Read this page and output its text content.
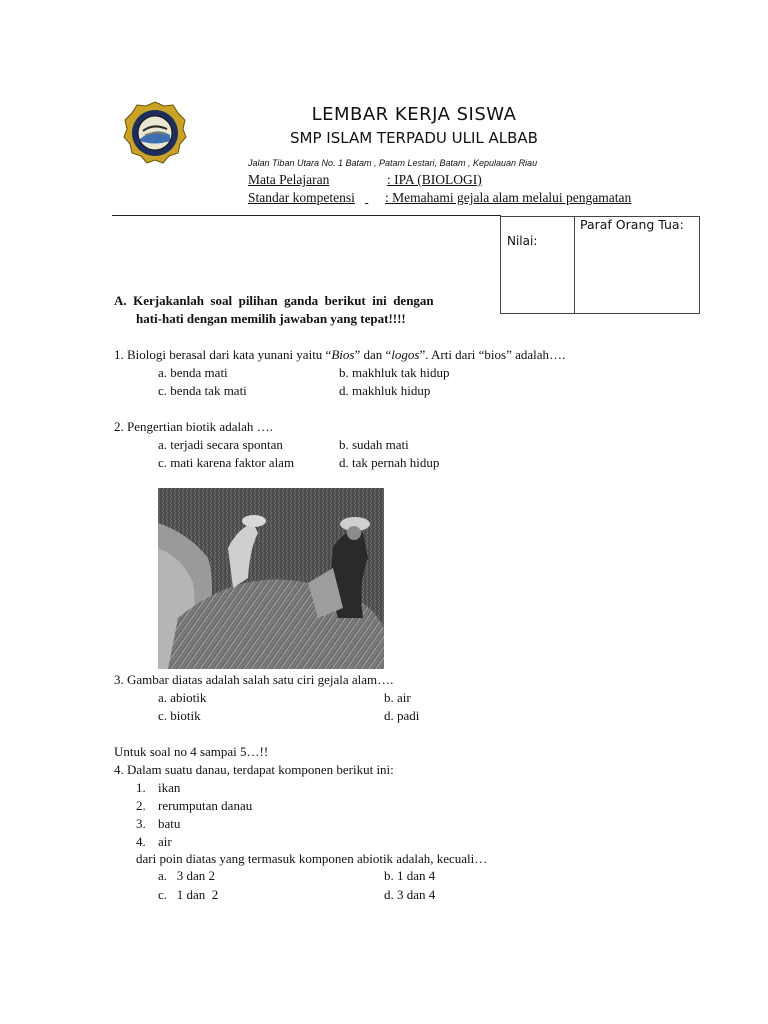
LEMBAR KERJA SISWA
SMP ISLAM TERPADU ULIL ALBAB
Jalan Tiban Utara No. 1 Batam , Patam Lestari, Batam , Kepulauan Riau
Mata Pelajaran
	: IPA (BIOLOGI)
Standar kompetensi
: Memahami gejala alam melalui pengamatan
Nilai:
Paraf Orang Tua:
A.  Kerjakanlah  soal  pilihan  ganda  berikut  ini  dengan
hati-hati dengan memilih jawaban yang tepat!!!!
1. Biologi berasal dari kata yunani yaitu “Bios” dan “logos”. Arti dari “bios” adalah….
a. benda mati	b. makhluk tak hidup
c. benda tak mati	d. makhluk hidup
2. Pengertian biotik adalah ….
a. terjadi secara spontan	b. sudah mati
c. mati karena faktor alam	d. tak pernah hidup
3. Gambar diatas adalah salah satu ciri gejala alam….
a. abiotik	b. air
c. biotik	d. padi
Untuk soal no 4 sampai 5…!!
4. Dalam suatu danau, terdapat komponen berikut ini:
1. ikan
2. rerumputan danau
3. batu
4. air
dari poin diatas yang termasuk komponen abiotik adalah, kecuali…
a.   3 dan 2	b. 1 dan 4
c.   1 dan  2	d. 3 dan 4
